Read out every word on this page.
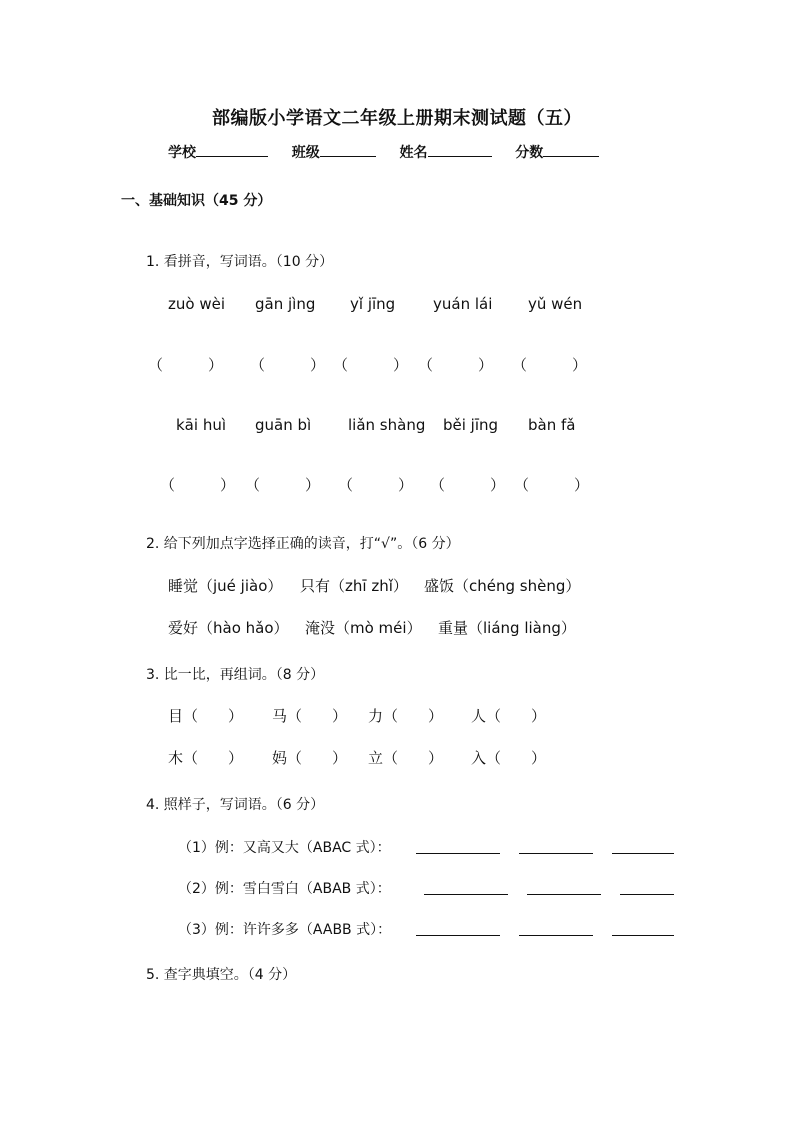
部编版小学语文二年级上册期末测试题（五）
学校	班级	姓名	分数
一、基础知识（45 分）
1. 看拼音，写词语。（10 分）
zuò wèi gān jìng yǐ jīng	yuán lái yǔ wén
（　　　） （　　　） （　　　） （　　　） （　　　）
kāi huì guān bì liǎn shàng běi jīng bàn fǎ
（　　　） （　　　） （　　　） （　　　） （　　　）
2. 给下列加点字选择正确的读音，打“√”。（6 分）
睡觉（jué jiào） 只有（zhī zhǐ） 盛饭（chéng shèng）
爱好（hào hǎo） 淹没（mò méi） 重量（liáng liàng）
3. 比一比，再组词。（8 分）
目（　　） 马（　　） 力（　　） 人（　　）
木（　　） 妈（　　） 立（　　） 入（　　）
4. 照样子，写词语。（6 分）
（1）例：又高又大（ABAC 式）：
（2）例：雪白雪白（ABAB 式）：
（3）例：许许多多（AABB 式）：
5. 查字典填空。（4 分）
